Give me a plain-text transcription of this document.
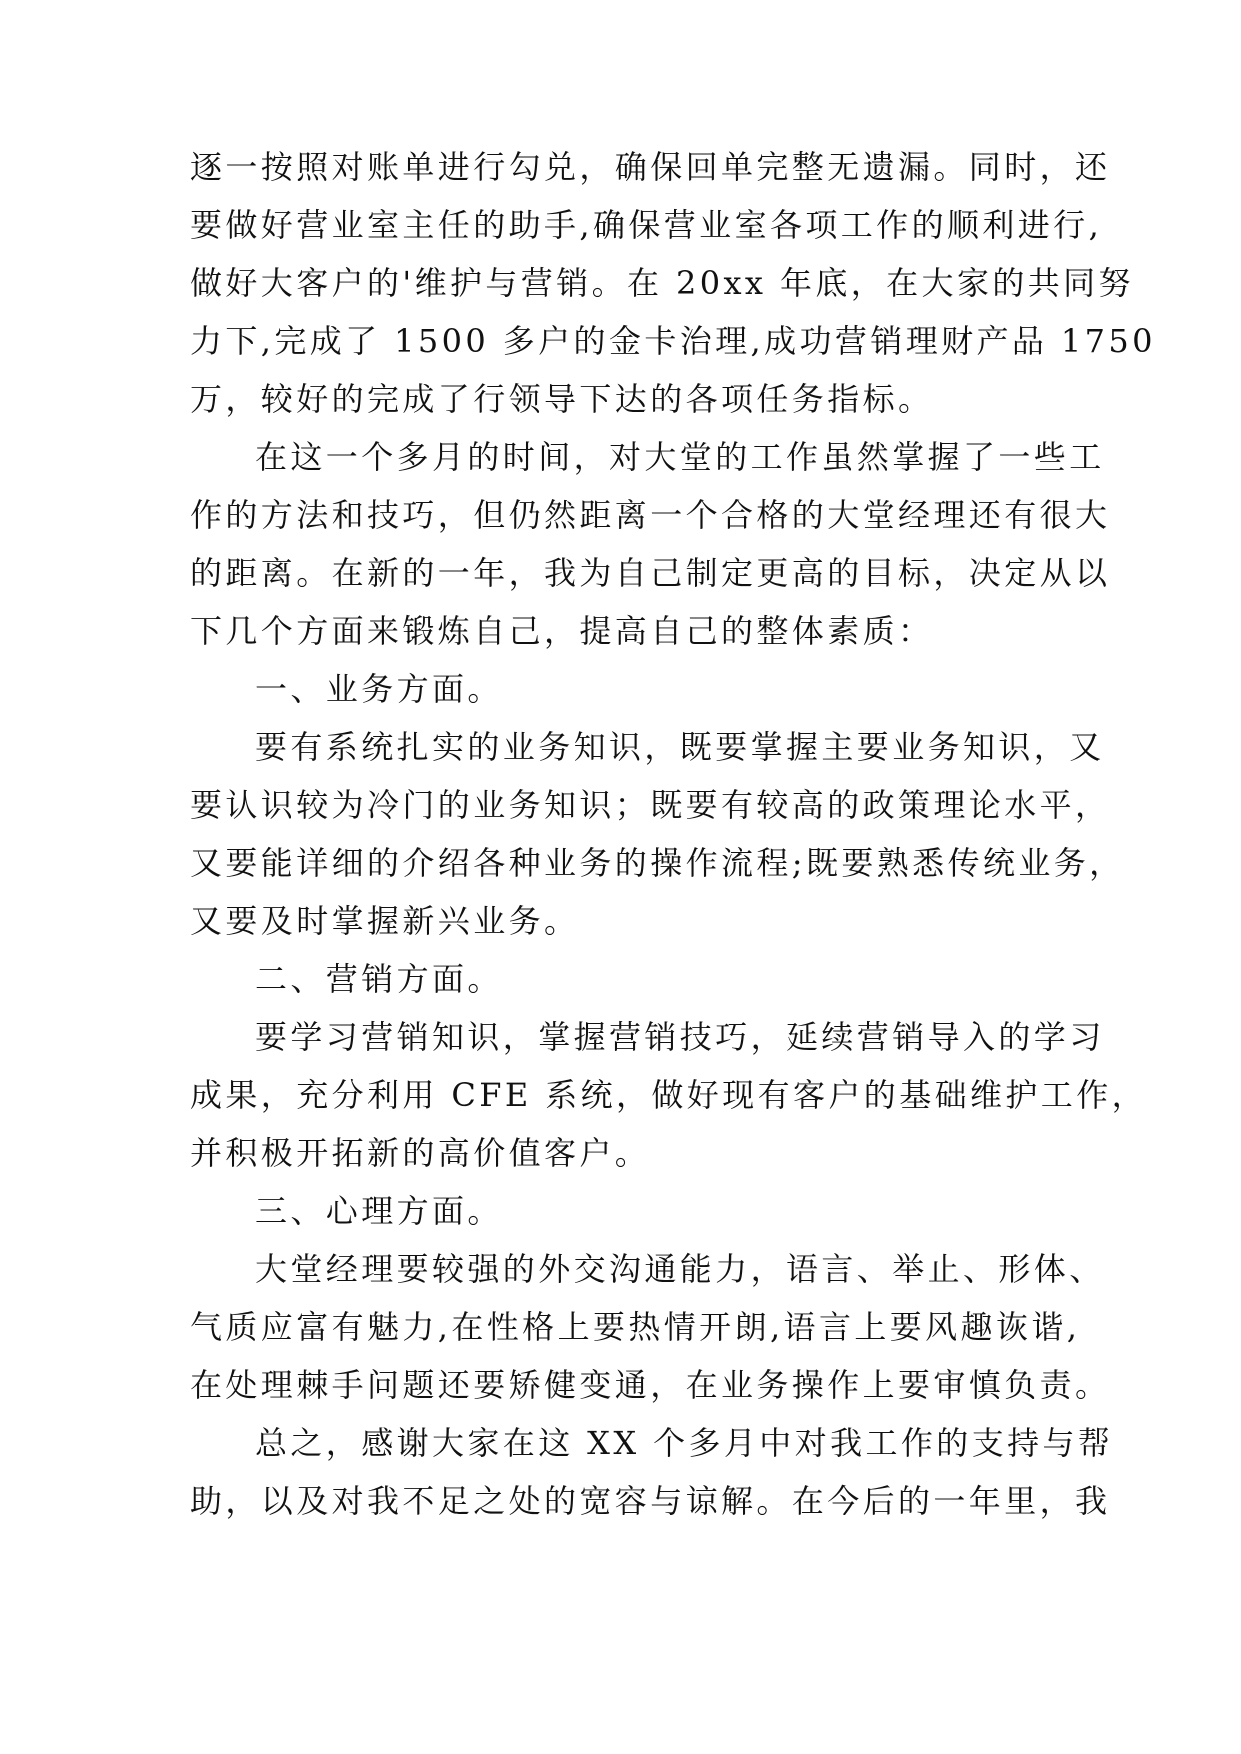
逐一按照对账单进行勾兑，确保回单完整无遗漏。同时，还

要做好营业室主任的助手,确保营业室各项工作的顺利进行,

做好大客户的'维护与营销。在 20xx 年底，在大家的共同努

力下,完成了 1500 多户的金卡治理,成功营销理财产品 1750

万，较好的完成了行领导下达的各项任务指标。

在这一个多月的时间，对大堂的工作虽然掌握了一些工

作的方法和技巧，但仍然距离一个合格的大堂经理还有很大

的距离。在新的一年，我为自己制定更高的目标，决定从以

下几个方面来锻炼自己，提高自己的整体素质：

一、业务方面。

要有系统扎实的业务知识，既要掌握主要业务知识，又

要认识较为冷门的业务知识；既要有较高的政策理论水平，

又要能详细的介绍各种业务的操作流程;既要熟悉传统业务，

又要及时掌握新兴业务。

二、营销方面。

要学习营销知识，掌握营销技巧，延续营销导入的学习

成果，充分利用 CFE 系统，做好现有客户的基础维护工作，

并积极开拓新的高价值客户。

三、心理方面。

大堂经理要较强的外交沟通能力，语言、举止、形体、

气质应富有魅力,在性格上要热情开朗,语言上要风趣诙谐,

在处理棘手问题还要矫健变通，在业务操作上要审慎负责。

总之，感谢大家在这 XX 个多月中对我工作的支持与帮

助，以及对我不足之处的宽容与谅解。在今后的一年里，我
